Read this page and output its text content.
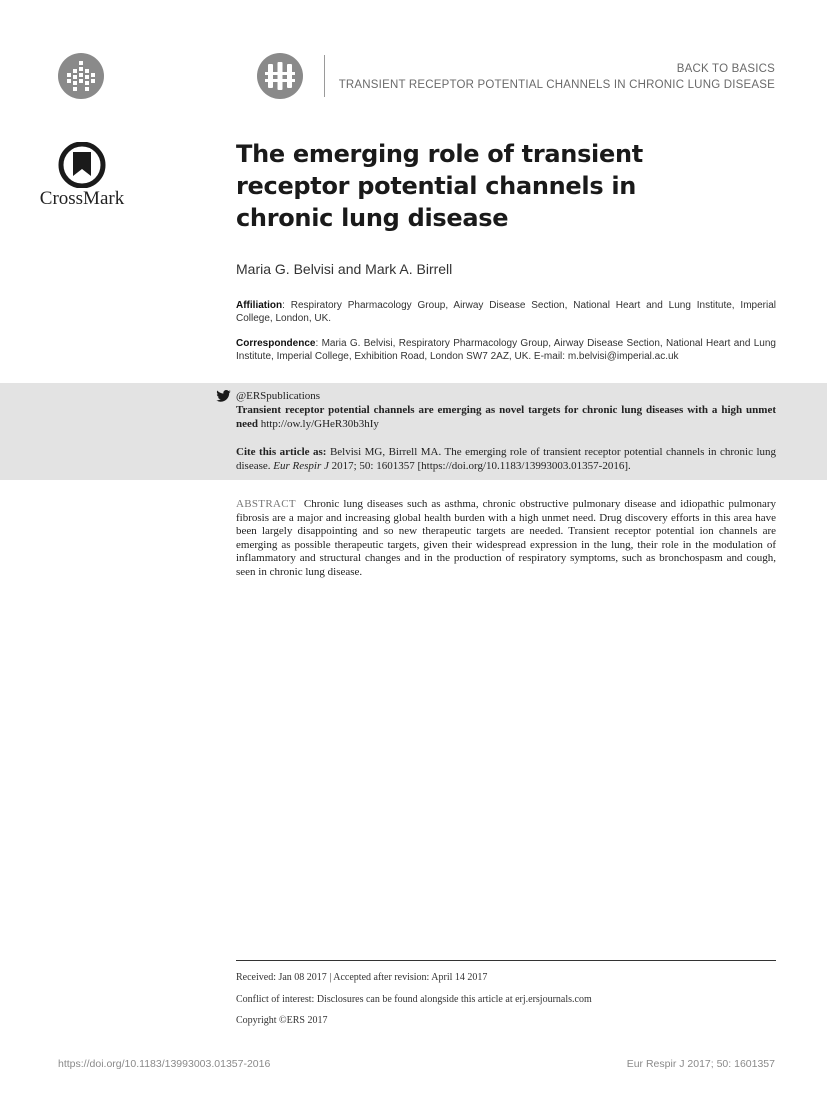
BACK TO BASICS
TRANSIENT RECEPTOR POTENTIAL CHANNELS IN CHRONIC LUNG DISEASE
CrossMark
The emerging role of transient
receptor potential channels in
chronic lung disease
Maria G. Belvisi and Mark A. Birrell
Affiliation: Respiratory Pharmacology Group, Airway Disease Section, National Heart and Lung Institute, Imperial College, London, UK.
Correspondence: Maria G. Belvisi, Respiratory Pharmacology Group, Airway Disease Section, National Heart and Lung Institute, Imperial College, Exhibition Road, London SW7 2AZ, UK. E-mail: m.belvisi@imperial.ac.uk
@ERSpublications
Transient receptor potential channels are emerging as novel targets for chronic lung diseases with a high unmet need http://ow.ly/GHeR30b3hIy
Cite this article as: Belvisi MG, Birrell MA. The emerging role of transient receptor potential channels in chronic lung disease. Eur Respir J 2017; 50: 1601357 [https://doi.org/10.1183/13993003.01357-2016].
ABSTRACT Chronic lung diseases such as asthma, chronic obstructive pulmonary disease and idiopathic pulmonary fibrosis are a major and increasing global health burden with a high unmet need. Drug discovery efforts in this area have been largely disappointing and so new therapeutic targets are needed. Transient receptor potential ion channels are emerging as possible therapeutic targets, given their widespread expression in the lung, their role in the modulation of inflammatory and structural changes and in the production of respiratory symptoms, such as bronchospasm and cough, seen in chronic lung disease.
Received: Jan 08 2017 | Accepted after revision: April 14 2017
Conflict of interest: Disclosures can be found alongside this article at erj.ersjournals.com
Copyright ©ERS 2017
https://doi.org/10.1183/13993003.01357-2016	Eur Respir J 2017; 50: 1601357
